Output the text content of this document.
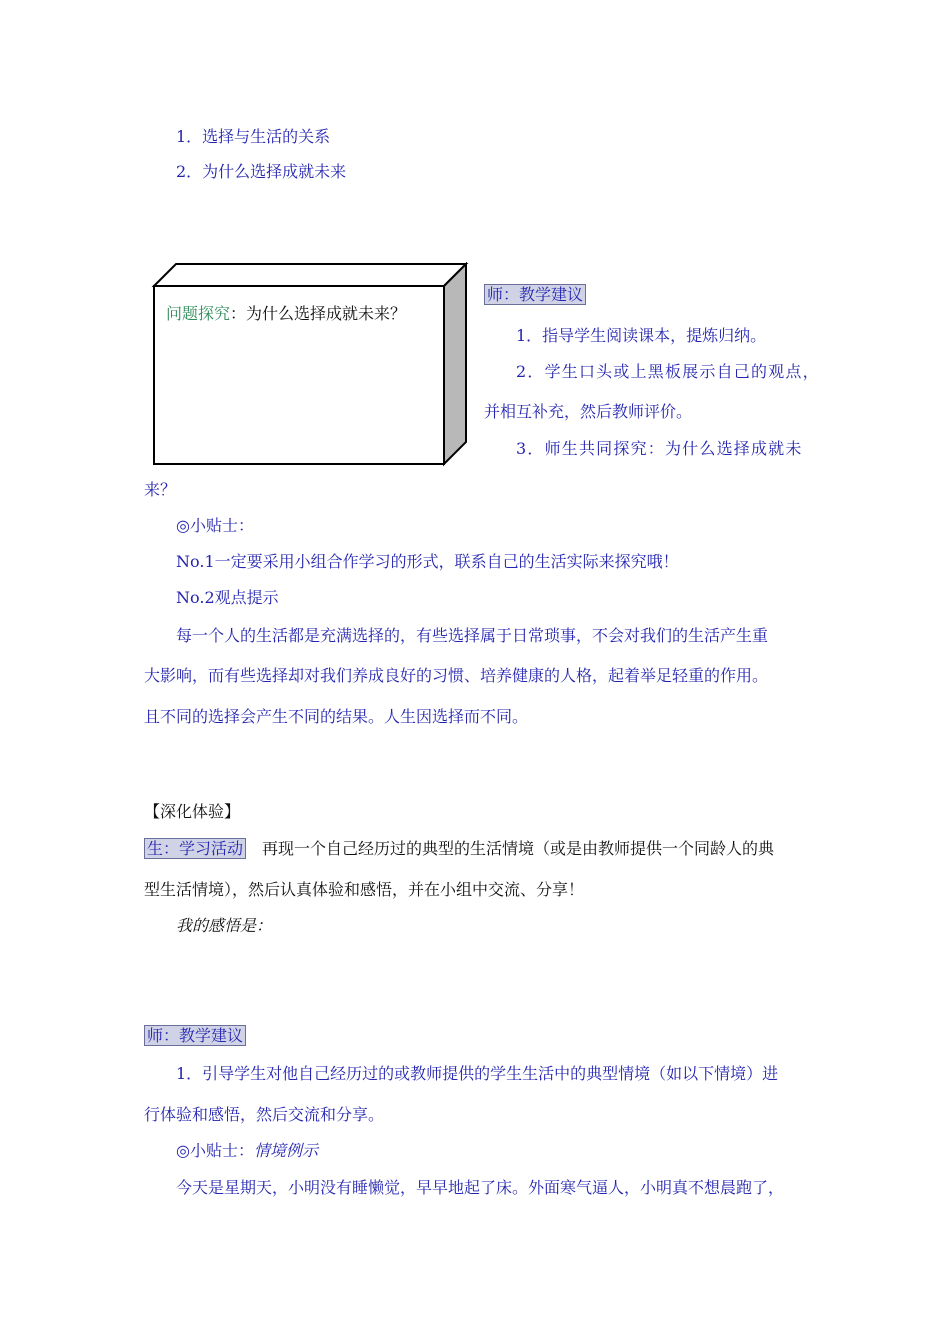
1．选择与生活的关系
2．为什么选择成就未来
问题探究：为什么选择成就未来？
师：教学建议
1．指导学生阅读课本，提炼归纳。
2．学生口头或上黑板展示自己的观点，
并相互补充，然后教师评价。
3．师生共同探究：为什么选择成就未
来？
◎小贴士：
No.1一定要采用小组合作学习的形式，联系自己的生活实际来探究哦！
No.2观点提示
每一个人的生活都是充满选择的，有些选择属于日常琐事，不会对我们的生活产生重
大影响，而有些选择却对我们养成良好的习惯、培养健康的人格，起着举足轻重的作用。
且不同的选择会产生不同的结果。人生因选择而不同。
【深化体验】
生：学习活动 再现一个自己经历过的典型的生活情境（或是由教师提供一个同龄人的典
型生活情境），然后认真体验和感悟，并在小组中交流、分享！
我的感悟是：
师：教学建议
1．引导学生对他自己经历过的或教师提供的学生生活中的典型情境（如以下情境）进
行体验和感悟，然后交流和分享。
◎小贴士：情境例示
今天是星期天，小明没有睡懒觉，早早地起了床。外面寒气逼人，小明真不想晨跑了，
